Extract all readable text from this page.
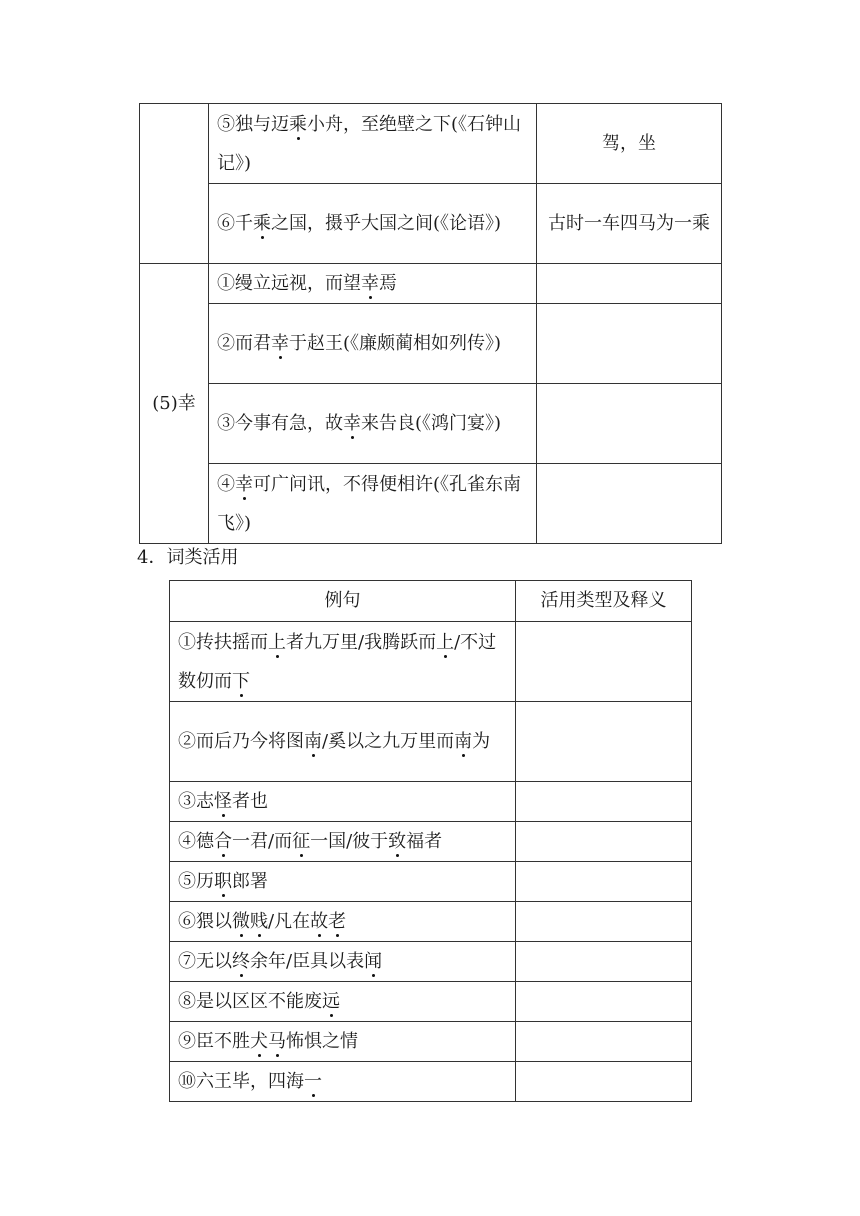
	⑤独与迈乘小舟，至绝壁之下(《石钟山记》)	驾，坐
	⑥千乘之国，摄乎大国之间(《论语》)	古时一车四马为一乘
(5)幸	①缦立远视，而望幸焉	
	②而君幸于赵王(《廉颇蔺相如列传》)	
	③今事有急，故幸来告良(《鸿门宴》)	
	④幸可广问讯，不得便相许(《孔雀东南飞》)	
4．词类活用
例句	活用类型及释义
①抟扶摇而上者九万里/我腾跃而上/不过数仞而下	
②而后乃今将图南/奚以之九万里而南为	
③志怪者也	
④德合一君/而征一国/彼于致福者	
⑤历职郎署	
⑥猥以微贱/凡在故老	
⑦无以终余年/臣具以表闻	
⑧是以区区不能废远	
⑨臣不胜犬马怖惧之情	
⑩六王毕，四海一	
